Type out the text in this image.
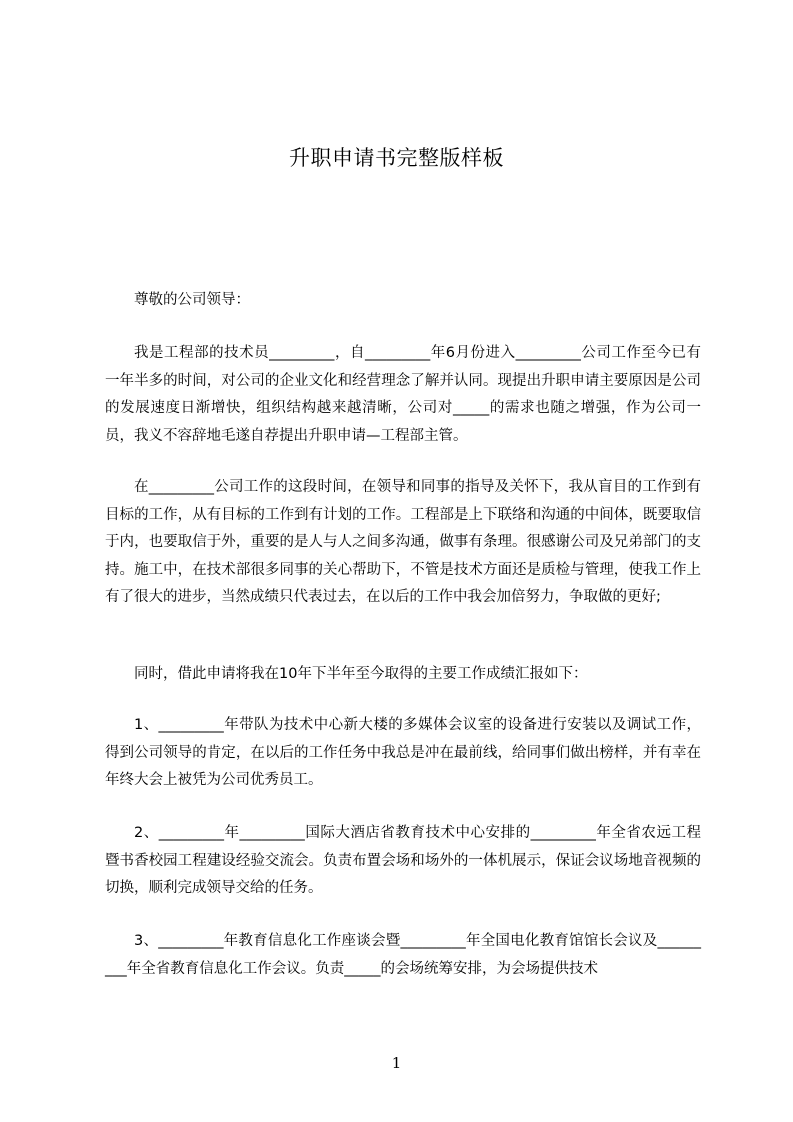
升职申请书完整版样板

尊敬的公司领导：

我是工程部的技术员_________，自_________年6月份进入_________公司工作至今已有一年半多的时间，对公司的企业文化和经营理念了解并认同。现提出升职申请主要原因是公司的发展速度日渐增快，组织结构越来越清晰，公司对_____的需求也随之增强，作为公司一员，我义不容辞地毛遂自荐提出升职申请—工程部主管。

在_________公司工作的这段时间，在领导和同事的指导及关怀下，我从盲目的工作到有目标的工作，从有目标的工作到有计划的工作。工程部是上下联络和沟通的中间体，既要取信于内，也要取信于外，重要的是人与人之间多沟通，做事有条理。很感谢公司及兄弟部门的支持。施工中，在技术部很多同事的关心帮助下，不管是技术方面还是质检与管理，使我工作上有了很大的进步，当然成绩只代表过去，在以后的工作中我会加倍努力，争取做的更好;

同时，借此申请将我在10年下半年至今取得的主要工作成绩汇报如下：

1、_________年带队为技术中心新大楼的多媒体会议室的设备进行安装以及调试工作，得到公司领导的肯定，在以后的工作任务中我总是冲在最前线，给同事们做出榜样，并有幸在年终大会上被凭为公司优秀员工。

2、_________年_________国际大酒店省教育技术中心安排的_________年全省农远工程暨书香校园工程建设经验交流会。负责布置会场和场外的一体机展示，保证会议场地音视频的切换，顺利完成领导交给的任务。

3、_________年教育信息化工作座谈会暨_________年全国电化教育馆馆长会议及_________年全省教育信息化工作会议。负责_____的会场统筹安排，为会场提供技术

1
